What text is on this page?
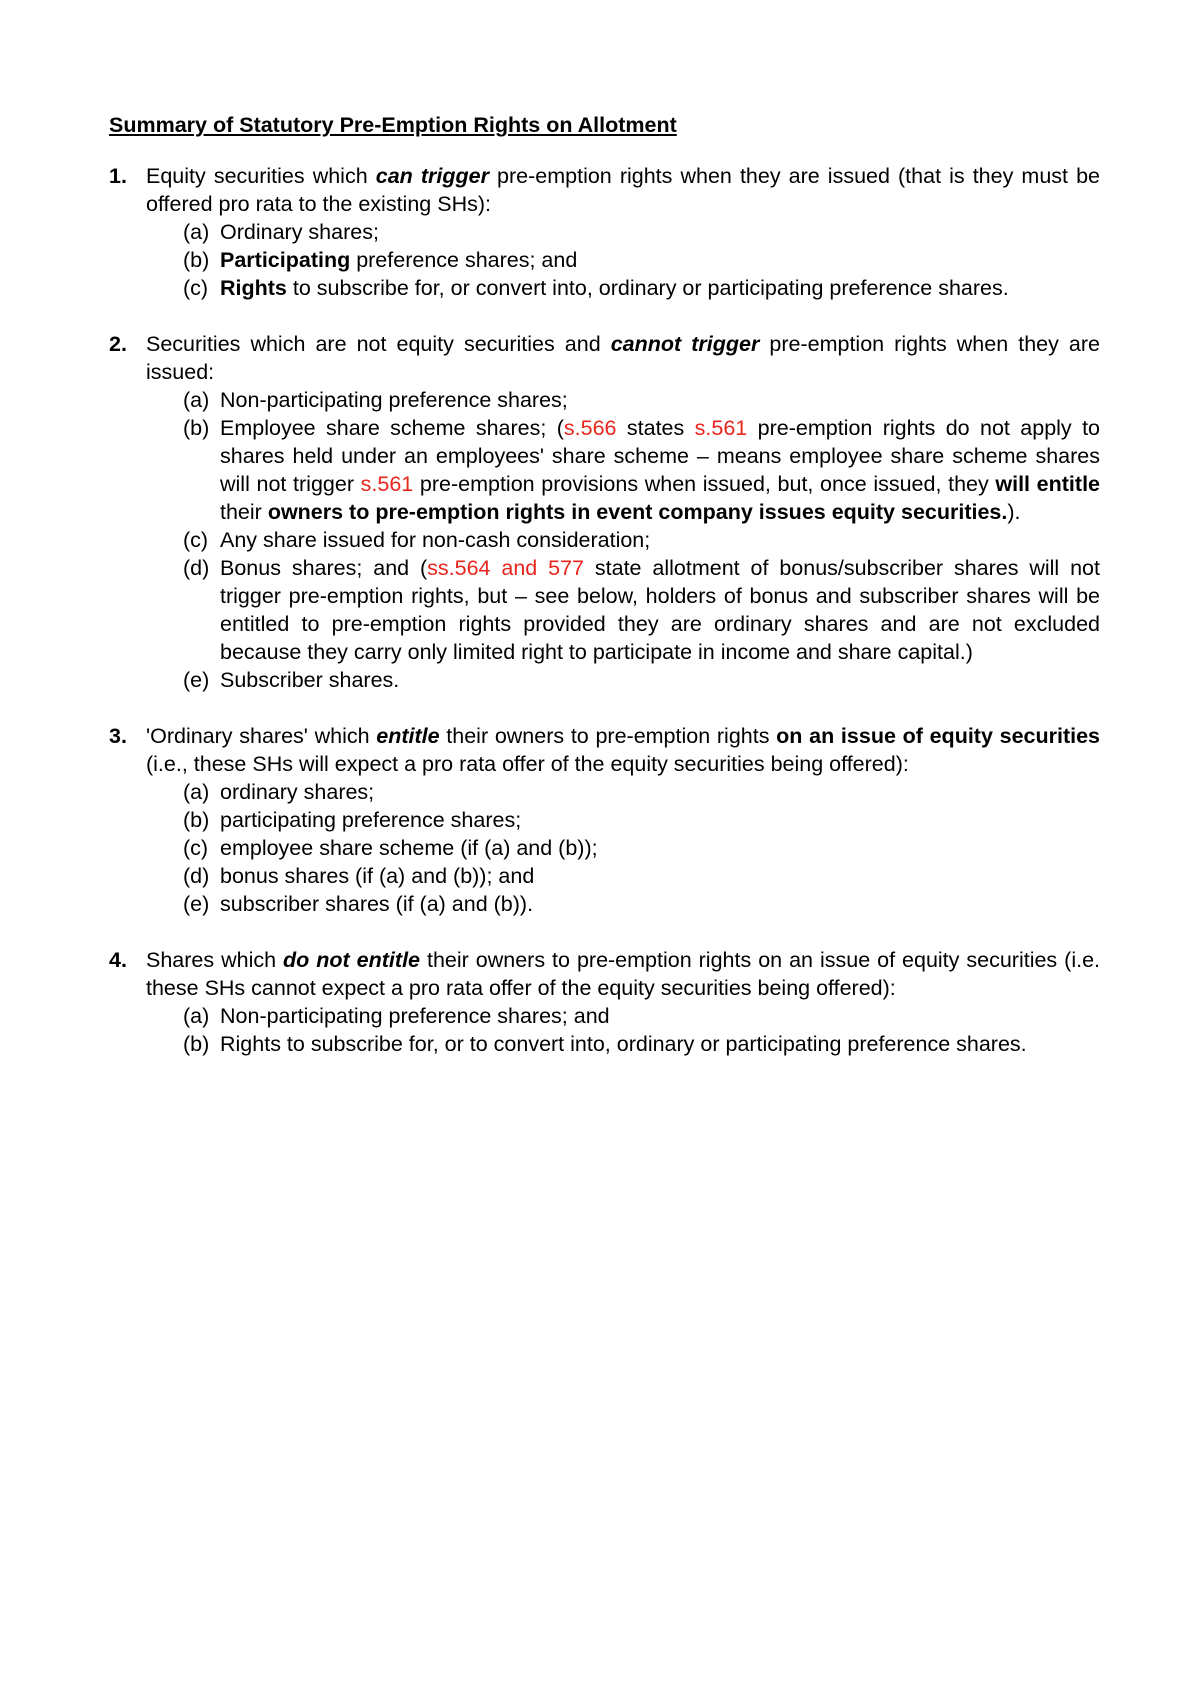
Summary of Statutory Pre-Emption Rights on Allotment
1. Equity securities which can trigger pre-emption rights when they are issued (that is they must be offered pro rata to the existing SHs):

(a) Ordinary shares;
(b) Participating preference shares; and
(c) Rights to subscribe for, or convert into, ordinary or participating preference shares.
2. Securities which are not equity securities and cannot trigger pre-emption rights when they are issued:

(a) Non-participating preference shares;
(b) Employee share scheme shares; (s.566 states s.561 pre-emption rights do not apply to shares held under an employees' share scheme – means employee share scheme shares will not trigger s.561 pre-emption provisions when issued, but, once issued, they will entitle their owners to pre-emption rights in event company issues equity securities.).
(c) Any share issued for non-cash consideration;
(d) Bonus shares; and (ss.564 and 577 state allotment of bonus/subscriber shares will not trigger pre-emption rights, but – see below, holders of bonus and subscriber shares will be entitled to pre-emption rights provided they are ordinary shares and are not excluded because they carry only limited right to participate in income and share capital.)
(e) Subscriber shares.
3. 'Ordinary shares' which entitle their owners to pre-emption rights on an issue of equity securities (i.e., these SHs will expect a pro rata offer of the equity securities being offered):

(a) ordinary shares;
(b) participating preference shares;
(c) employee share scheme (if (a) and (b));
(d) bonus shares (if (a) and (b)); and
(e) subscriber shares (if (a) and (b)).
4. Shares which do not entitle their owners to pre-emption rights on an issue of equity securities (i.e. these SHs cannot expect a pro rata offer of the equity securities being offered):

(a) Non-participating preference shares; and
(b) Rights to subscribe for, or to convert into, ordinary or participating preference shares.
